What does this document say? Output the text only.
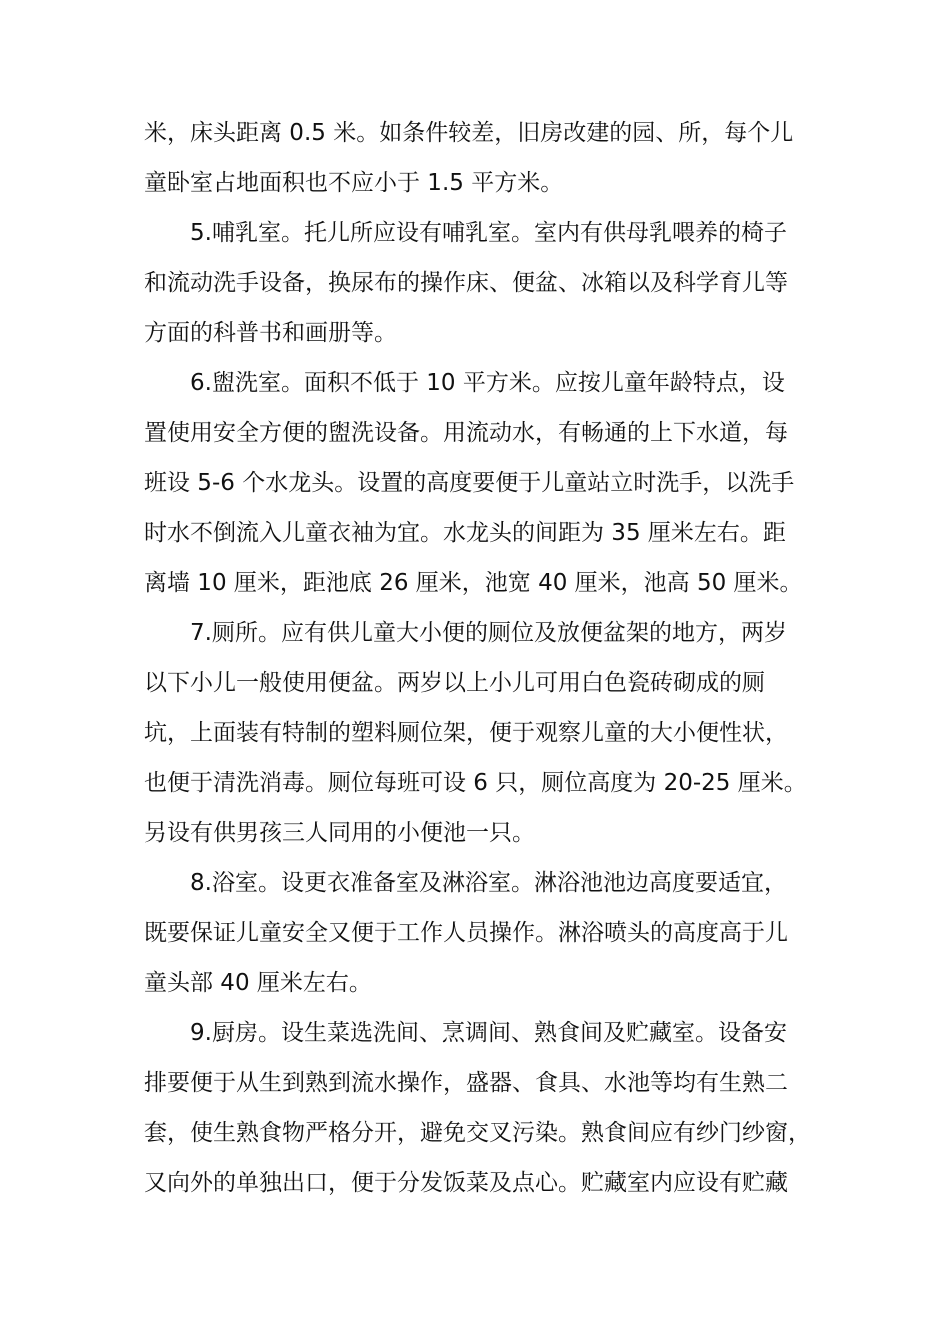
米，床头距离 0.5 米。如条件较差，旧房改建的园、所，每个儿
童卧室占地面积也不应小于 1.5 平方米。
5.哺乳室。托儿所应设有哺乳室。室内有供母乳喂养的椅子
和流动洗手设备，换尿布的操作床、便盆、冰箱以及科学育儿等
方面的科普书和画册等。
6.盥洗室。面积不低于 10 平方米。应按儿童年龄特点，设
置使用安全方便的盥洗设备。用流动水，有畅通的上下水道，每
班设 5-6 个水龙头。设置的高度要便于儿童站立时洗手，以洗手
时水不倒流入儿童衣袖为宜。水龙头的间距为 35 厘米左右。距
离墙 10 厘米，距池底 26 厘米，池宽 40 厘米，池高 50 厘米。
7.厕所。应有供儿童大小便的厕位及放便盆架的地方，两岁
以下小儿一般使用便盆。两岁以上小儿可用白色瓷砖砌成的厕
坑，上面装有特制的塑料厕位架，便于观察儿童的大小便性状，
也便于清洗消毒。厕位每班可设 6 只，厕位高度为 20-25 厘米。
另设有供男孩三人同用的小便池一只。
8.浴室。设更衣准备室及淋浴室。淋浴池池边高度要适宜，
既要保证儿童安全又便于工作人员操作。淋浴喷头的高度高于儿
童头部 40 厘米左右。
9.厨房。设生菜选洗间、烹调间、熟食间及贮藏室。设备安
排要便于从生到熟到流水操作，盛器、食具、水池等均有生熟二
套，使生熟食物严格分开，避免交叉污染。熟食间应有纱门纱窗，
又向外的单独出口，便于分发饭菜及点心。贮藏室内应设有贮藏
